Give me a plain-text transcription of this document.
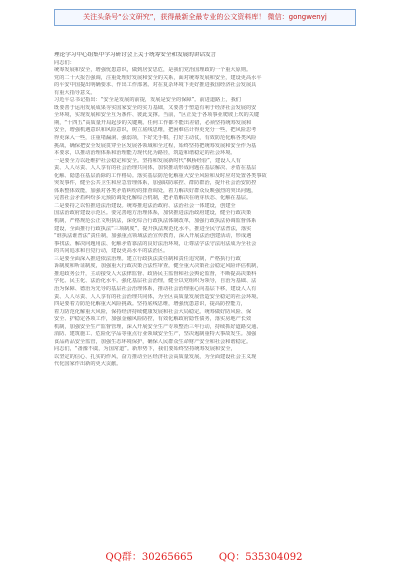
关注头条号“公文研究”，获得最新全最专业的公文资料库！ 微信：gongwenyj
理论学习中心组集中学习研讨会上关于统筹安全和发展的讲话发言
同志们：
统筹发展和安全，增强忧患意识，做到居安思危，是我们党治国理政的一个重大原则。
党的二十大报告强调，注重处理好发展和安全的关系，面对统筹发展和安全，建设更高水平
的平安中国提出明确要求、作出工作部署。对在复杂环境下更好推进我国经济社会发展具
有重大指导意义。
习近平总书记指出：“安全是发展的前提，发展是安全的保障”。前进道路上，我们
既要善于运用发展成果夯实国家安全的实力基础，又要善于塑造有利于经济社会发展的安
全环境，实现发展和安全互为条件、彼此支撑。当前，“区正处于各项事业爬坡上坎的关键
期，“十四五”高质量开局起步的关键期。任何工作都不能出差错，必须坚持统筹发展和
安全，增强机遇意识和风险意识，树立底线思维，把困难估计得更充分一些，把风险思考
得更深入一些，注重堵漏洞、强弱项，下好先手棋，打好主动仗，有效防范化解各类风险
挑战，确保把安全发展贯穿全区发展各领域和全过程，始终坚持把统筹发展和安全作为基
本要求，以推动治理体系和治理能力现代化为路径，筑造和谐稳定的社会环境。
一是要全力以赴维护社会稳定和安全。坚持和发展新时代“枫桥经验”，建设人人有
责、人人尽责、人人享有的社会治理共同体，加快推动形成问题在基层解决、矛盾在基层
化解、隐患在基层消除的工作格局。落实基层防范化解重大安全风险和及时应对处置各类事故
突发事件，健全公共卫生和应急管理体系，加强联防联控、群防群治，提升社会治安防控
体系整体效能，加强对各类矛盾纠纷的排查调处，着力解决好群众反映强烈的突出问题，
完善社会矛盾纠纷多元预防调处化解综合机制，把矛盾解决在萌芽状态、化解在基层。
二是要持之以恒推进法治建设。统筹推进法治政府、法治社会一体建设，创建全
国法治政府建设示范区。要完善地方治理体系，加快推进法治政府建设，健全行政决策
机制，严格规范公正文明执法，深化综合行政执法体制改革，加强行政执法协调监督体系
建设，全面推行行政执法“三项制度”，提升执法规范化水平，推进全民守法普法，落实
“谁执法谁普法”责任制，加强重点领域法治宣传教育，深入开展法治创建活动，形成遇
事找法、解决问题用法、化解矛盾靠法的良好法治环境，让尊法学法守法用法成为全社会
的共同追求和自觉行动，建设更高水平的法治区。
三是要全面深入推进依法治理。建立行政执法责任制和责任追究制，严格执行行政
诉制度和听证制度，加强重大行政决策合法性审查，健全重大决策社会稳定风险评估机制，
推进政务公开，主动接受人大法律监督、政协民主监督和社会舆论监督，不断提高决策科
学化、民主化、法治化水平。强化基层社会治理，健全以党组织为领导，自治为基础、法
治为保障、德治为先导的基层社会治理体系，推动社会治理重心向基层下移，建设人人有
责、人人尽责、人人享有的社会治理共同体，为全区高质量发展营造安全稳定的社会环境。
四是要着力防范化解重大风险挑战。坚持底线思维，增强忧患意识，提高防控能力，
着力防范化解重大风险，保持经济持续健康发展和社会大局稳定。统筹做好防风险、保
安全、护稳定各项工作，加强金融风险防控，有效化解政府隐性债务，落实房地产长效
机制，加强安全生产监督管理，深入开展安全生产专项整治三年行动，持续抓好道路交通、
消防、建筑施工、危险化学品等重点行业领域安全生产，坚决遏制重特大事故发生。加强
食品药品安全监管，加强生态环境保护，确保人民群众生命财产安全和社会和谐稳定。
同志们，“备豫不虞，为国常道”。新形势下，我们要始终坚持统筹发展和安全，
以坚定的信心、扎实的作风，奋力推动全区经济社会高质量发展，为全面建设社会主义现
代化国家作出新的更大贡献。
QQ群：30265665	QQ：535304092
